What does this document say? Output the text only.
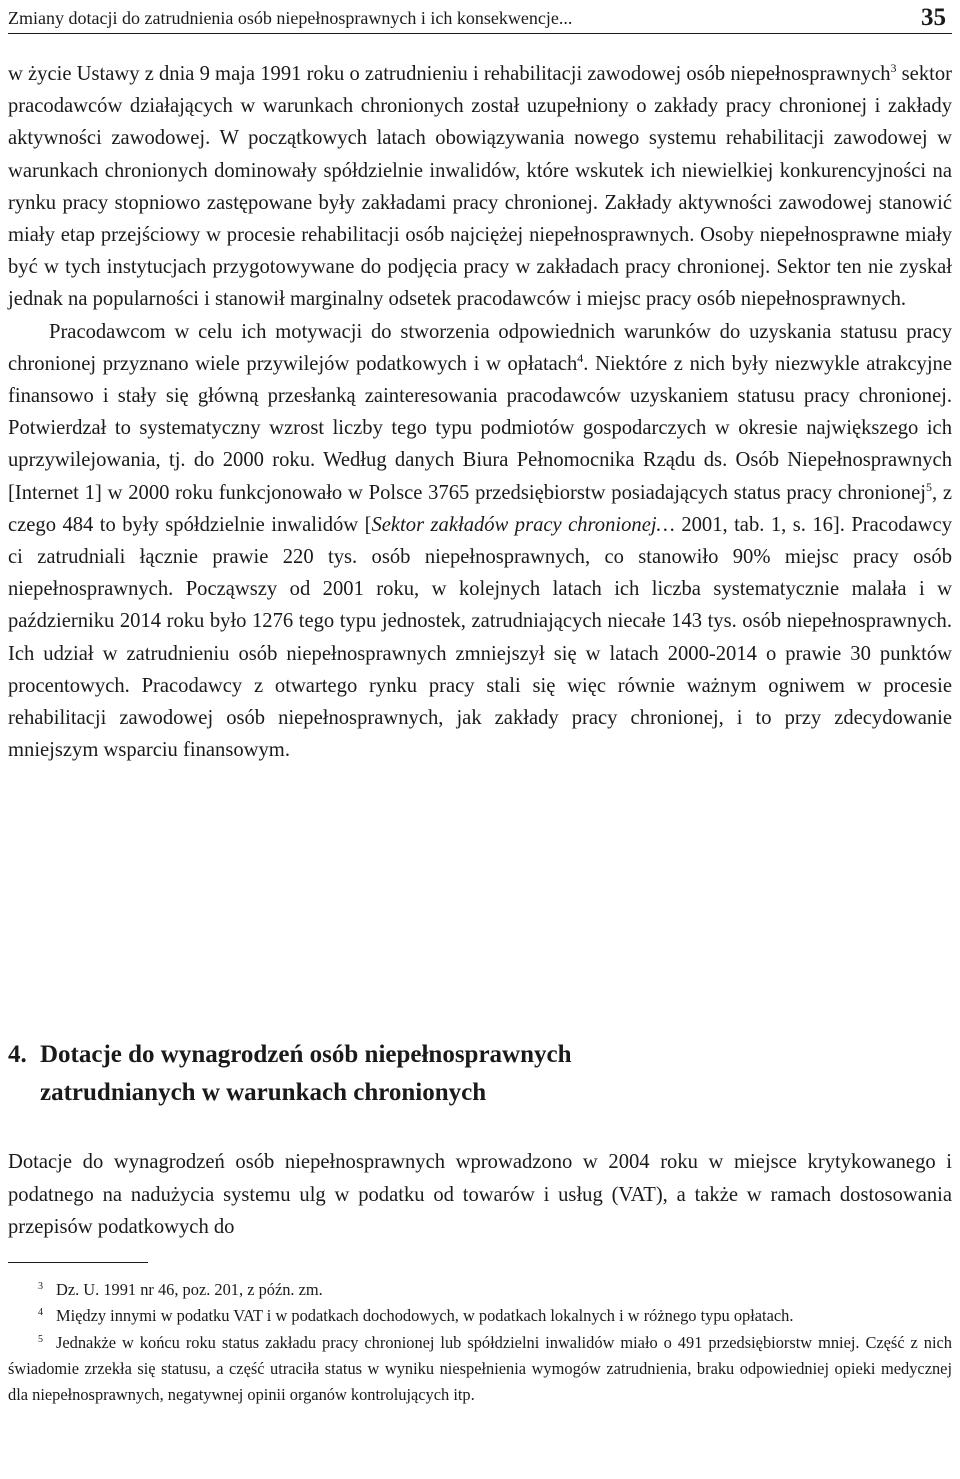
Zmiany dotacji do zatrudnienia osób niepełnosprawnych i ich konsekwencje...	35

w życie Ustawy z dnia 9 maja 1991 roku o zatrudnieniu i rehabilitacji zawodowej osób niepełnosprawnych$^3$ sektor pracodawców działających w warunkach chronionych został uzupełniony o zakłady pracy chronionej i zakłady aktywności zawodowej. W początkowych latach obowiązywania nowego systemu rehabilitacji zawodowej w warunkach chronionych dominowały spółdzielnie inwalidów, które wskutek ich niewielkiej konkurencyjności na rynku pracy stopniowo zastępowane były zakładami pracy chronionej. Zakłady aktywności zawodowej stanowić miały etap przejściowy w procesie rehabilitacji osób najciężej niepełnosprawnych. Osoby niepełnosprawne miały być w tych instytucjach przygotowywane do podjęcia pracy w zakładach pracy chronionej. Sektor ten nie zyskał jednak na popularności i stanowił marginalny odsetek pracodawców i miejsc pracy osób niepełnosprawnych.

Pracodawcom w celu ich motywacji do stworzenia odpowiednich warunków do uzyskania statusu pracy chronionej przyznano wiele przywilejów podatkowych i w opłatach$^4$. Niektóre z nich były niezwykle atrakcyjne finansowo i stały się główną przesłanką zainteresowania pracodawców uzyskaniem statusu pracy chronionej. Potwierdzał to systematyczny wzrost liczby tego typu podmiotów gospodarczych w okresie największego ich uprzywilejowania, tj. do 2000 roku. Według danych Biura Pełnomocnika Rządu ds. Osób Niepełnosprawnych [Internet 1] w 2000 roku funkcjonowało w Polsce 3765 przedsiębiorstw posiadających status pracy chronionej$^5$, z czego 484 to były spółdzielnie inwalidów [Sektor zakładów pracy chronionej… 2001, tab. 1, s. 16]. Pracodawcy ci zatrudniali łącznie prawie 220 tys. osób niepełnosprawnych, co stanowiło 90% miejsc pracy osób niepełnosprawnych. Począwszy od 2001 roku, w kolejnych latach ich liczba systematycznie malała i w październiku 2014 roku było 1276 tego typu jednostek, zatrudniających niecałe 143 tys. osób niepełnosprawnych. Ich udział w zatrudnieniu osób niepełnosprawnych zmniejszył się w latach 2000-2014 o prawie 30 punktów procentowych. Pracodawcy z otwartego rynku pracy stali się więc równie ważnym ogniwem w procesie rehabilitacji zawodowej osób niepełnosprawnych, jak zakłady pracy chronionej, i to przy zdecydowanie mniejszym wsparciu finansowym.

4. Dotacje do wynagrodzeń osób niepełnosprawnych
zatrudnianych w warunkach chronionych

Dotacje do wynagrodzeń osób niepełnosprawnych wprowadzono w 2004 roku w miejsce krytykowanego i podatnego na nadużycia systemu ulg w podatku od towarów i usług (VAT), a także w ramach dostosowania przepisów podatkowych do

$^3$ Dz. U. 1991 nr 46, poz. 201, z późn. zm.

$^4$ Między innymi w podatku VAT i w podatkach dochodowych, w podatkach lokalnych i w różnego typu opłatach.

$^5$ Jednakże w końcu roku status zakładu pracy chronionej lub spółdzielni inwalidów miało o 491 przedsiębiorstw mniej. Część z nich świadomie zrzekła się statusu, a część utraciła status w wyniku niespełnienia wymogów zatrudnienia, braku odpowiedniej opieki medycznej dla niepełnosprawnych, negatywnej opinii organów kontrolujących itp.
